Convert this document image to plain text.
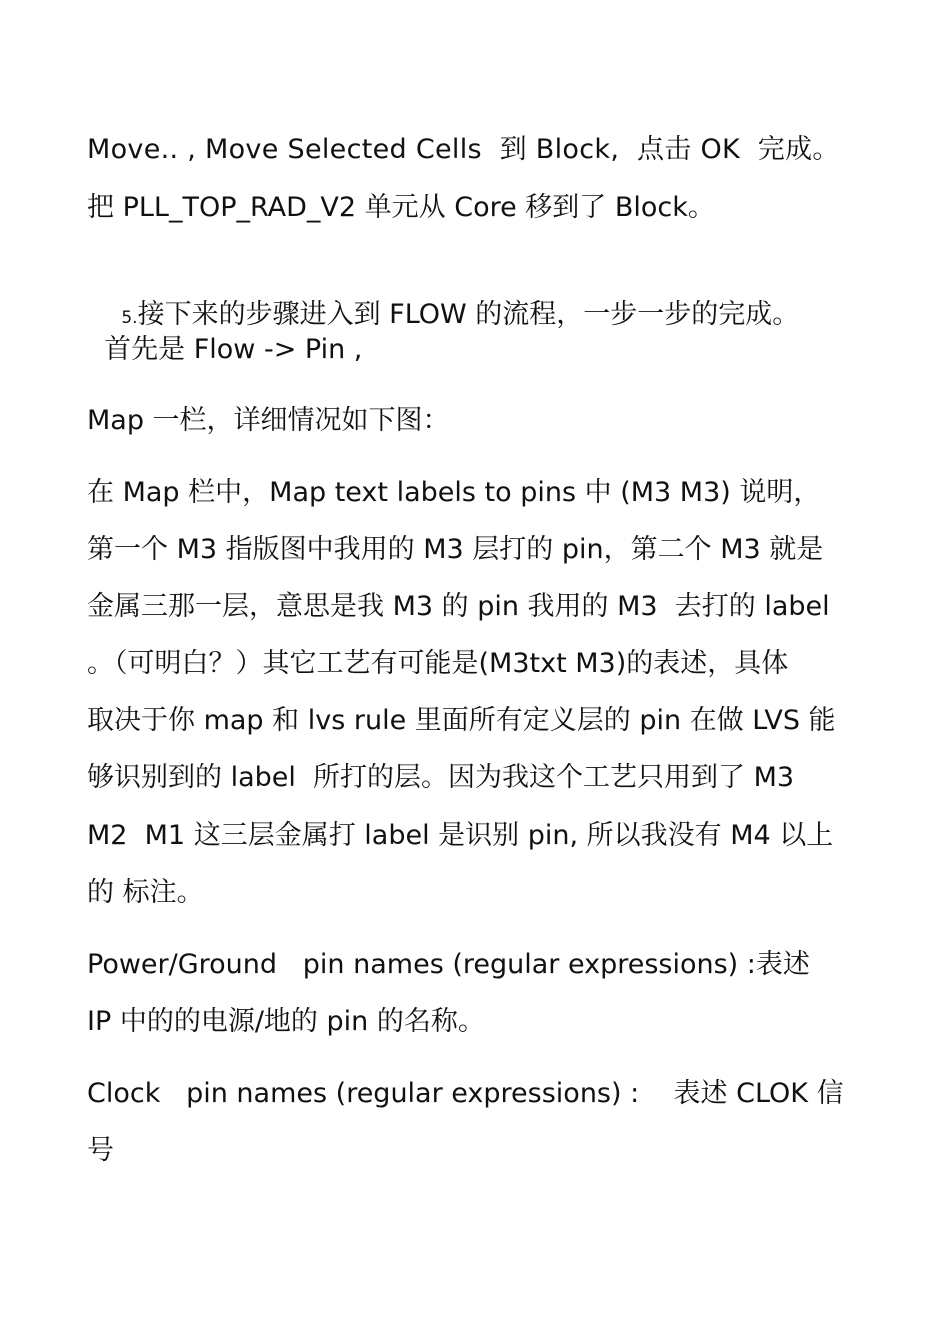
Move.. , Move Selected Cells  到 Block,  点击 OK  完成。
把 PLL_TOP_RAD_V2 单元从 Core 移到了 Block。

5.接下来的步骤进入到 FLOW 的流程，一步一步的完成。

首先是 Flow -> Pin ,
Map 一栏，详细情况如下图：
在 Map 栏中，Map text labels to pins 中 (M3 M3) 说明，
第一个 M3 指版图中我用的 M3 层打的 pin，第二个 M3 就是
金属三那一层，意思是我 M3 的 pin 我用的 M3  去打的 label
。（可明白？）其它工艺有可能是(M3txt M3)的表述，具体
取决于你 map 和 lvs rule 里面所有定义层的 pin 在做 LVS 能
够识别到的 label  所打的层。因为我这个工艺只用到了 M3
M2  M1 这三层金属打 label 是识别 pin, 所以我没有 M4 以上
的 标注。
Power/Ground   pin names (regular expressions) :表述
IP 中的的电源/地的 pin 的名称。
Clock   pin names (regular expressions) :    表述 CLOK 信
号
